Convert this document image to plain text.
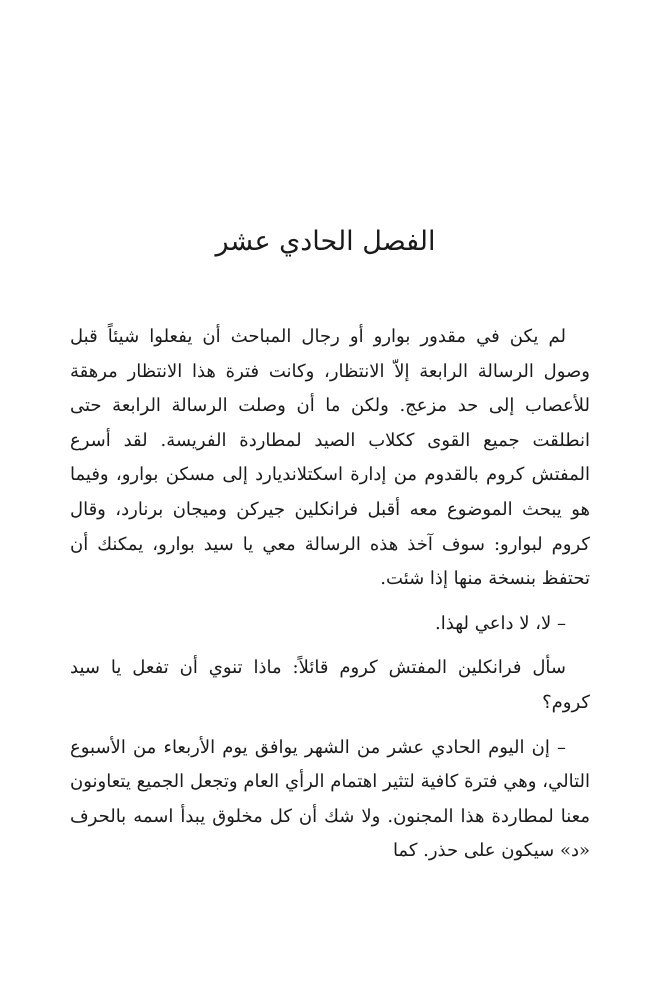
الفصل الحادي عشر

لم يكن في مقدور بوارو أو رجال المباحث أن يفعلوا شيئاً قبل وصول الرسالة الرابعة إلاّ الانتظار، وكانت فترة هذا الانتظار مرهقة للأعصاب إلى حد مزعج. ولكن ما أن وصلت الرسالة الرابعة حتى انطلقت جميع القوى ككلاب الصيد لمطاردة الفريسة. لقد أسرع المفتش كروم بالقدوم من إدارة اسكتلانديارد إلى مسكن بوارو، وفيما هو يبحث الموضوع معه أقبل فرانكلين جيركن وميجان برنارد، وقال كروم لبوارو: سوف آخذ هذه الرسالة معي يا سيد بوارو، يمكنك أن تحتفظ بنسخة منها إذا شئت.

– لا، لا داعي لهذا.

سأل فرانكلين المفتش كروم قائلاً: ماذا تنوي أن تفعل يا سيد كروم؟

– إن اليوم الحادي عشر من الشهر يوافق يوم الأربعاء من الأسبوع التالي، وهي فترة كافية لتثير اهتمام الرأي العام وتجعل الجميع يتعاونون معنا لمطاردة هذا المجنون. ولا شك أن كل مخلوق يبدأ اسمه بالحرف «د» سيكون على حذر. كما
